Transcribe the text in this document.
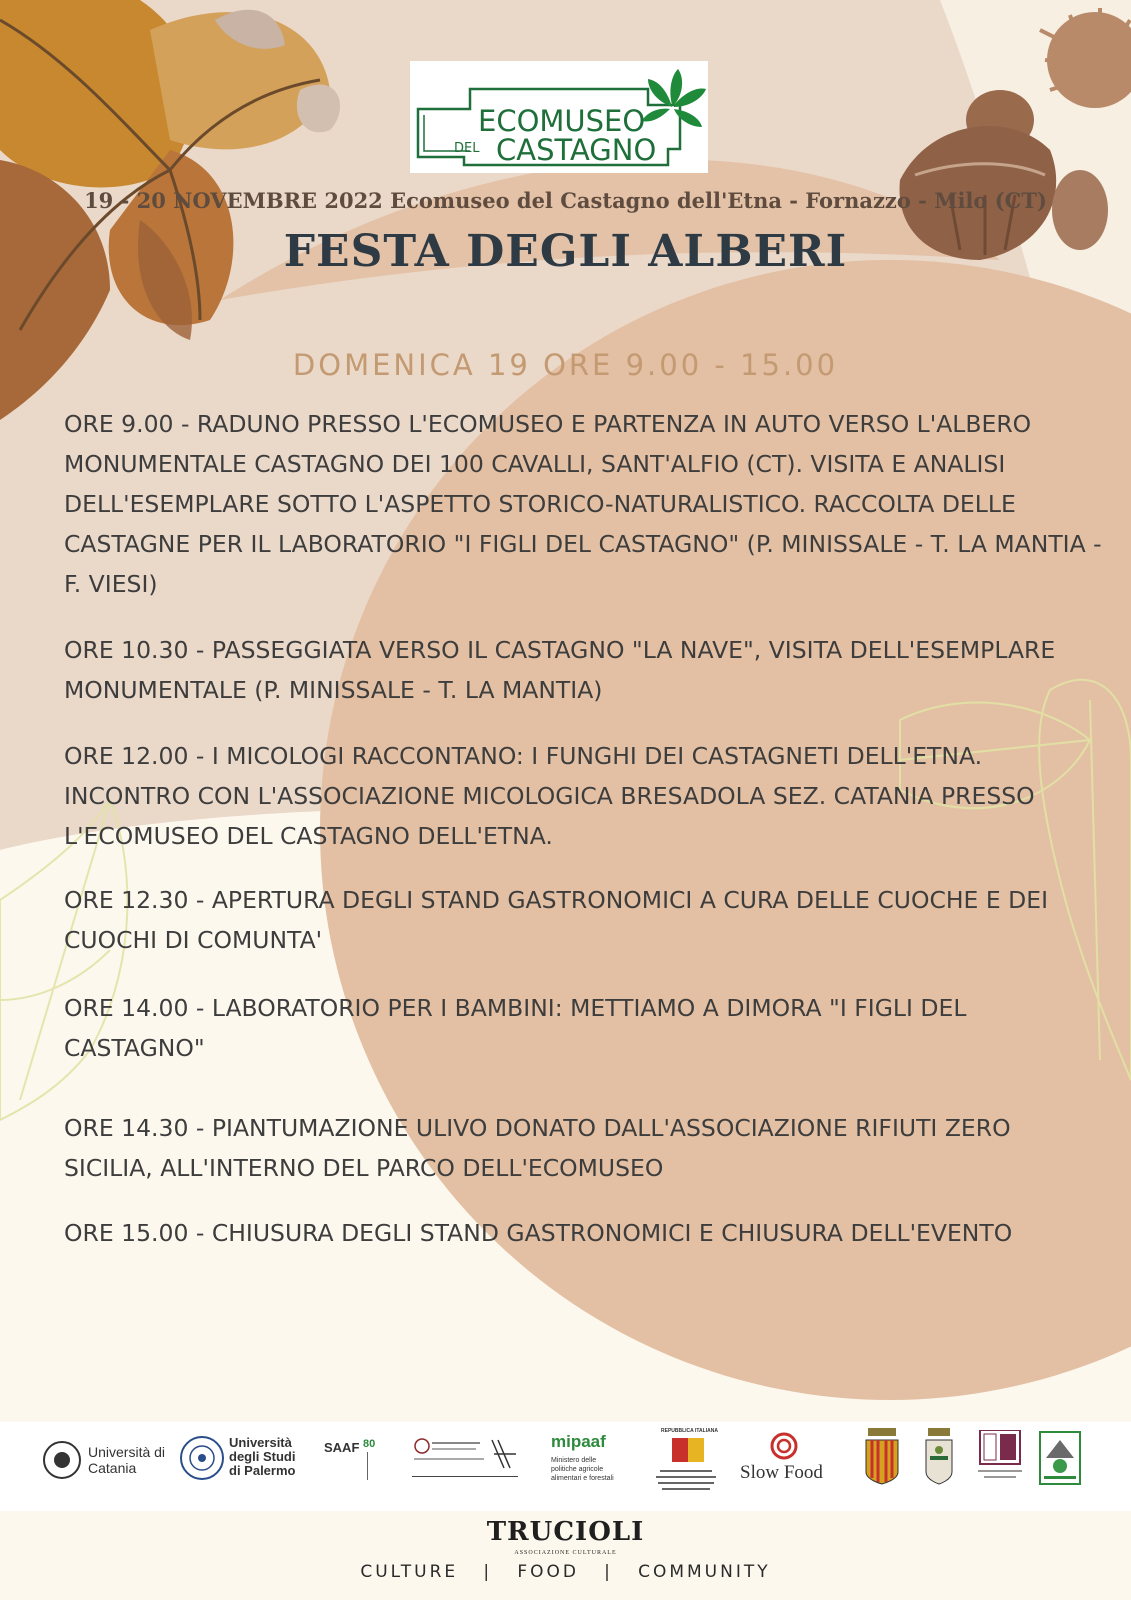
ECOMUSEO
DEL CASTAGNO
19 - 20 NOVEMBRE 2022 Ecomuseo del Castagno dell'Etna - Fornazzo - Milo (CT)
FESTA DEGLI ALBERI
DOMENICA 19 ORE 9.00 - 15.00

ORE 9.00 - RADUNO PRESSO L'ECOMUSEO E PARTENZA IN AUTO VERSO L'ALBERO MONUMENTALE CASTAGNO DEI 100 CAVALLI, SANT'ALFIO (CT). VISITA E ANALISI DELL'ESEMPLARE SOTTO L'ASPETTO STORICO-NATURALISTICO. RACCOLTA DELLE CASTAGNE PER IL LABORATORIO "I FIGLI DEL CASTAGNO" (P. MINISSALE - T. LA MANTIA - F. VIESI)

ORE 10.30 - PASSEGGIATA VERSO IL CASTAGNO "LA NAVE", VISITA DELL'ESEMPLARE MONUMENTALE (P. MINISSALE - T. LA MANTIA)

ORE 12.00 - I MICOLOGI RACCONTANO: I FUNGHI DEI CASTAGNETI DELL'ETNA. INCONTRO CON L'ASSOCIAZIONE MICOLOGICA BRESADOLA SEZ. CATANIA PRESSO L'ECOMUSEO DEL CASTAGNO DELL'ETNA.

ORE 12.30 - APERTURA DEGLI STAND GASTRONOMICI A CURA DELLE CUOCHE E DEI CUOCHI DI COMUNTA'

ORE 14.00 - LABORATORIO PER I BAMBINI: METTIAMO A DIMORA "I FIGLI DEL CASTAGNO"

ORE 14.30 - PIANTUMAZIONE ULIVO DONATO DALL'ASSOCIAZIONE RIFIUTI ZERO SICILIA, ALL'INTERNO DEL PARCO DELL'ECOMUSEO

ORE 15.00 - CHIUSURA DEGLI STAND GASTRONOMICI E CHIUSURA DELL'EVENTO

Università di Catania
Università degli Studi di Palermo
SAAF 80	mipaaf
Ministero delle politiche agricole alimentari e forestali
REPUBBLICA ITALIANA
Slow Food
TRUCIOLI
ASSOCIAZIONE CULTURALE
CULTURE   |   FOOD   |   COMMUNITY
